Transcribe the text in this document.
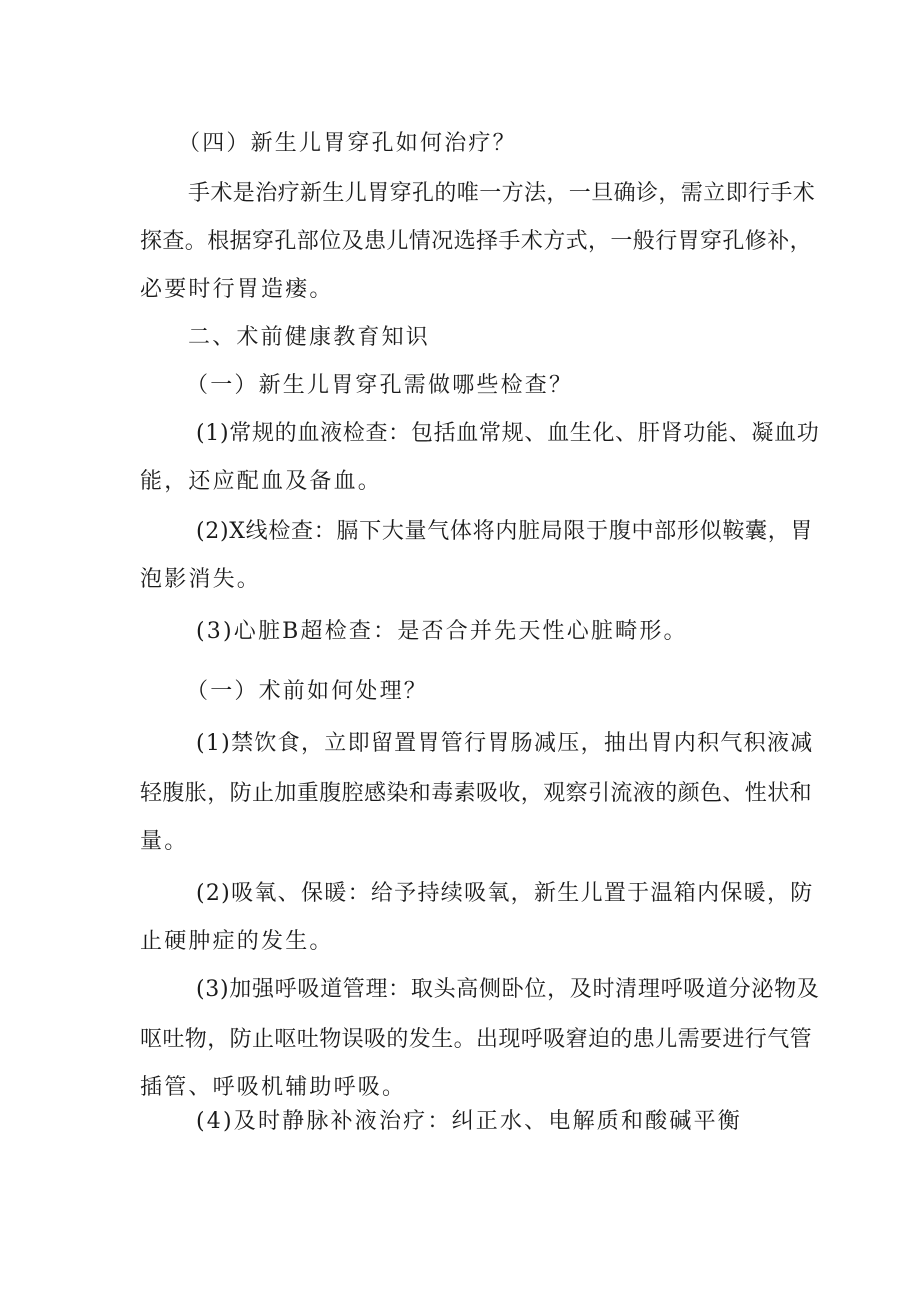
（四）新生儿胃穿孔如何治疗？
手术是治疗新生儿胃穿孔的唯一方法，一旦确诊，需立即行手术
探查。根据穿孔部位及患儿情况选择手术方式，一般行胃穿孔修补，
必要时行胃造瘘。
二、术前健康教育知识
（一）新生儿胃穿孔需做哪些检查？
(1)常规的血液检查：包括血常规、血生化、肝肾功能、凝血功
能，还应配血及备血。
(2)X线检查：膈下大量气体将内脏局限于腹中部形似鞍囊，胃
泡影消失。
(3)心脏B超检查：是否合并先天性心脏畸形。
（一）术前如何处理？
(1)禁饮食，立即留置胃管行胃肠减压，抽出胃内积气积液减
轻腹胀，防止加重腹腔感染和毒素吸收，观察引流液的颜色、性状和
量。
(2)吸氧、保暖：给予持续吸氧，新生儿置于温箱内保暖，防
止硬肿症的发生。
(3)加强呼吸道管理：取头高侧卧位，及时清理呼吸道分泌物及
呕吐物，防止呕吐物误吸的发生。出现呼吸窘迫的患儿需要进行气管
插管、呼吸机辅助呼吸。
(4)及时静脉补液治疗：纠正水、电解质和酸碱平衡
